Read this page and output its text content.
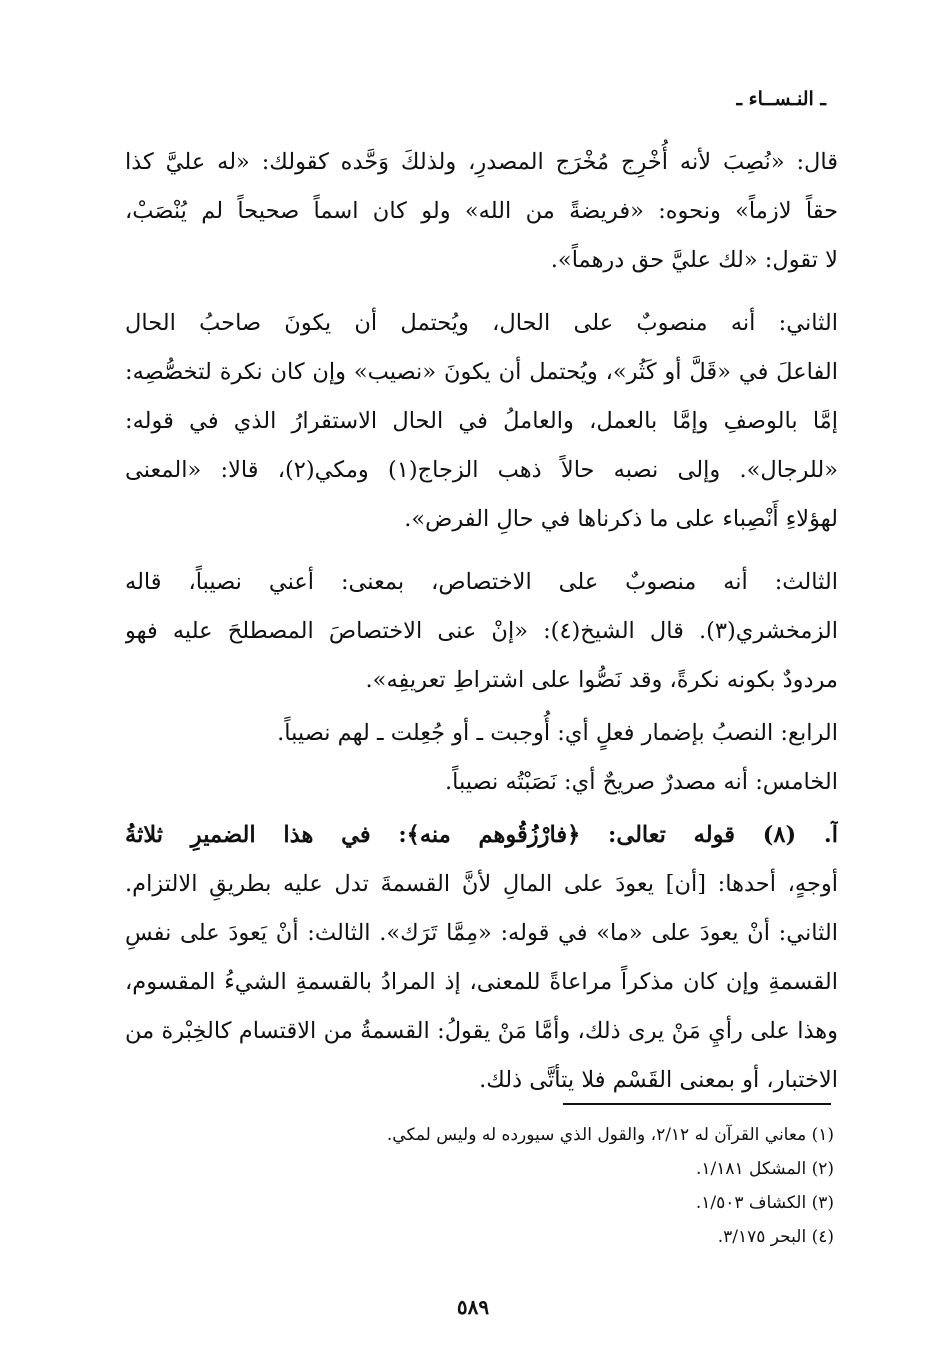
ـ النـســاء ـ
قال: «نُصِبَ لأنه أُخْرِج مُخْرَج المصدرِ، ولذلكَ وَحَّده كقولك: «له عليَّ كذا
حقاً لازماً» ونحوه: «فريضةً من الله» ولو كان اسماً صحيحاً لم يُنْصَبْ،
لا تقول: «لك عليَّ حق درهماً».
الثاني: أنه منصوبٌ على الحال، ويُحتمل أن يكونَ صاحبُ الحال
الفاعلَ في «قَلَّ أو كَثُر»، ويُحتمل أن يكونَ «نصيب» وإن كان نكرة لتخصُّصِه:
إمَّا بالوصفِ وإمَّا بالعمل، والعاملُ في الحال الاستقرارُ الذي في قوله:
«للرجال». وإلى نصبه حالاً ذهب الزجاج(١) ومكي(٢)، قالا: «المعنى
لهؤلاءِ أَنْصِباء على ما ذكرناها في حالِ الفرض».
الثالث: أنه منصوبٌ على الاختصاص، بمعنى: أعني نصيباً، قاله
الزمخشري(٣). قال الشيخ(٤): «إنْ عنى الاختصاصَ المصطلحَ عليه فهو
مردودٌ بكونه نكرةً، وقد نَصُّوا على اشتراطِ تعريفِه».
الرابع: النصبُ بإضمار فعلٍ أي: أُوجبت ـ أو جُعِلت ـ لهم نصيباً.
الخامس: أنه مصدرٌ صريحٌ أي: نَصَبْتُه نصيباً.
آ. (٨) قوله تعالى: ﴿فارْزُقُوهم منه﴾: في هذا الضميرِ ثلاثةُ
أوجهٍ، أحدها: [أن] يعودَ على المالِ لأنَّ القسمةَ تدل عليه بطريقِ الالتزام.
الثاني: أنْ يعودَ على «ما» في قوله: «مِمَّا تَرَك». الثالث: أنْ يَعودَ على نفسِ
القسمةِ وإن كان مذكراً مراعاةً للمعنى، إذ المرادُ بالقسمةِ الشيءُ المقسوم،
وهذا على رأيِ مَنْ يرى ذلك، وأمَّا مَنْ يقولُ: القسمةُ من الاقتسام كالخِبْرة من
الاختبار، أو بمعنى القَسْم فلا يتأتَّى ذلك.
(١) معاني القرآن له ٢/١٢، والقول الذي سيورده له وليس لمكي.
(٢) المشكل ١/١٨١.
(٣) الكشاف ١/٥٠٣.
(٤) البحر ٣/١٧٥.
٥٨٩
